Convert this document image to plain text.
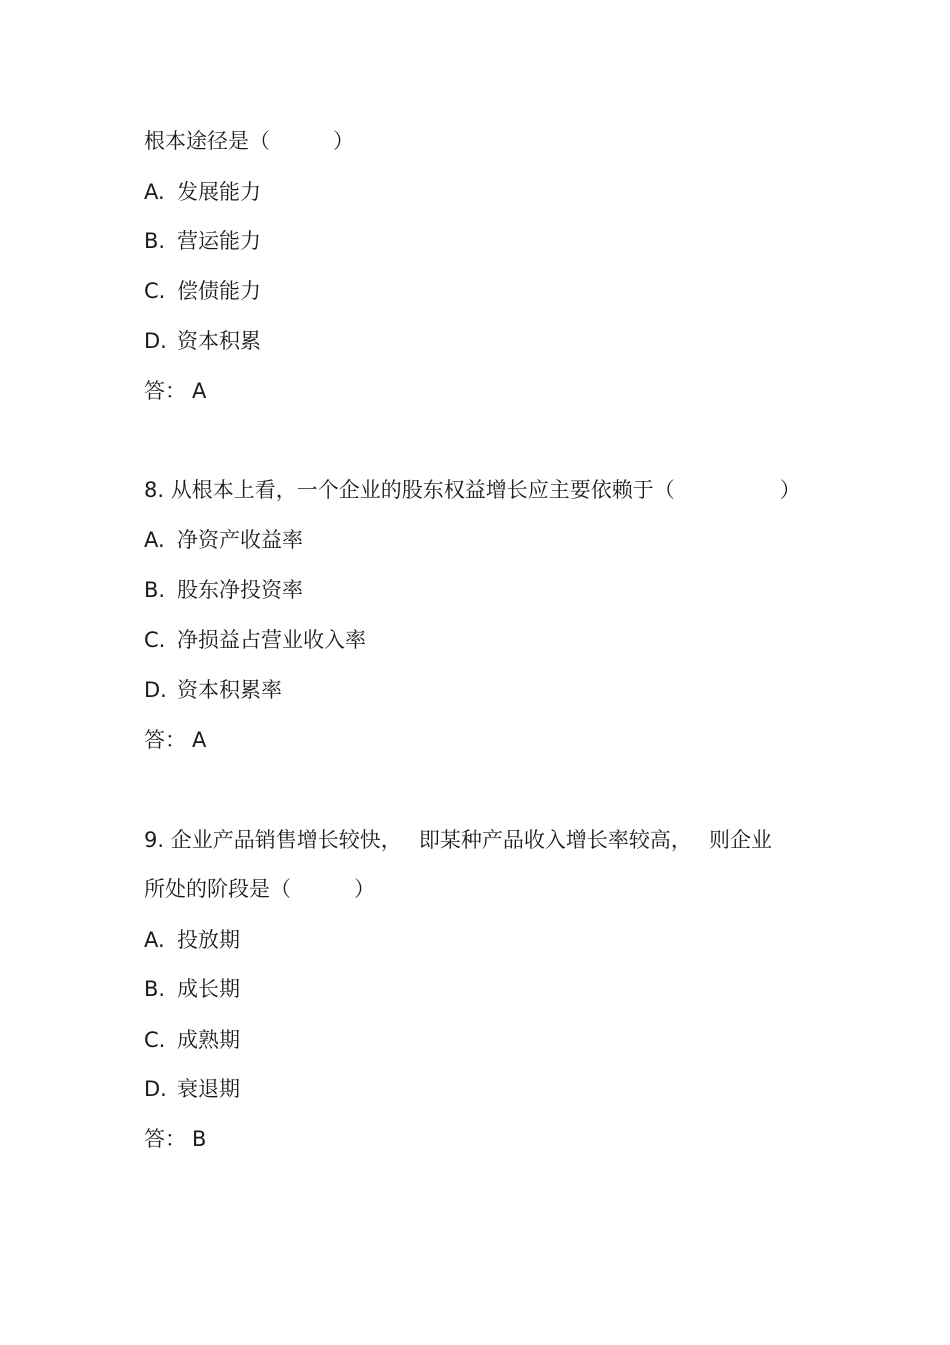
根本途径是（　　　）
A. 发展能力
B. 营运能力
C. 偿债能力
D. 资本积累
答： A
8. 从根本上看，一个企业的股东权益增长应主要依赖于（　　　　　）
A. 净资产收益率
B. 股东净投资率
C. 净损益占营业收入率
D. 资本积累率
答： A
9. 企业产品销售增长较快，　 即某种产品收入增长率较高，　 则企业
所处的阶段是（　　　）
A. 投放期
B. 成长期
C. 成熟期
D. 衰退期
答： B
